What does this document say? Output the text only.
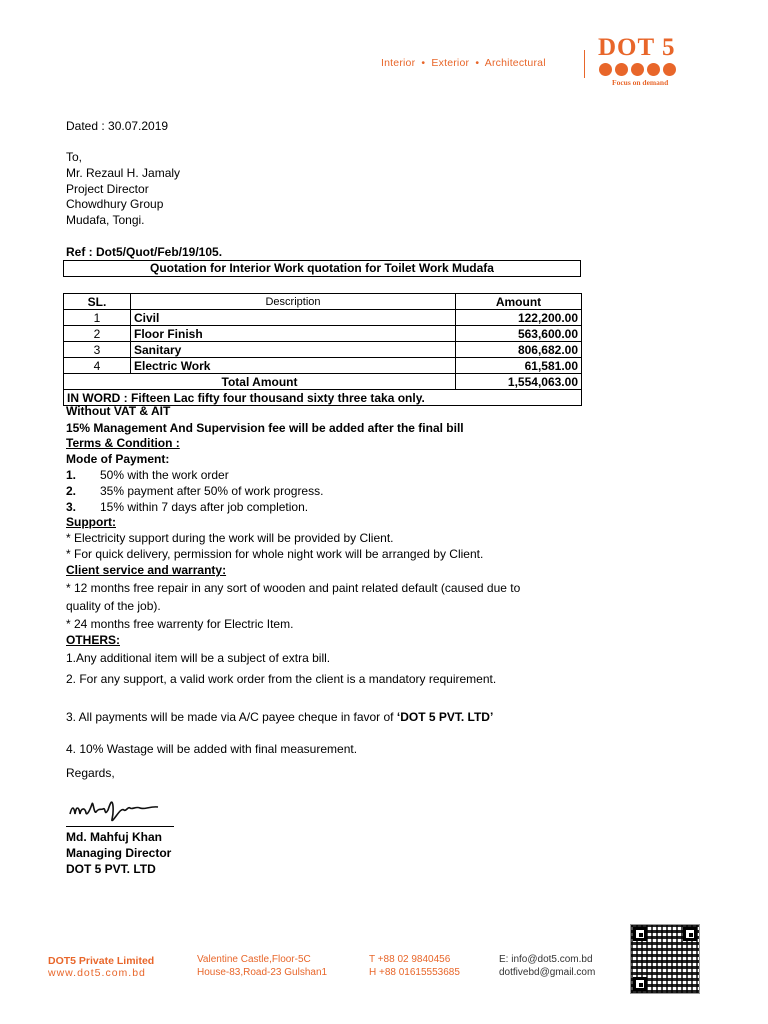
Interior • Exterior • Architectural
DOT 5
Focus on demand
Dated : 30.07.2019
To,
Mr. Rezaul H. Jamaly
Project Director
Chowdhury Group
Mudafa, Tongi.
Ref : Dot5/Quot/Feb/19/105.
Quotation for Interior Work quotation for Toilet Work Mudafa
SL.	Description	Amount
1	Civil	122,200.00
2	Floor Finish	563,600.00
3	Sanitary	806,682.00
4	Electric Work	61,581.00
Total Amount		1,554,063.00
IN WORD : Fifteen Lac fifty four thousand sixty three taka only.		
Without VAT & AIT
15% Management And Supervision fee will be added after the final bill
Terms & Condition :
Mode of Payment:
1. 50% with the work order
2. 35% payment after 50% of work progress.
3. 15% within 7 days after job completion.
Support:
* Electricity support during the work will be provided by Client.
* For quick delivery, permission for whole night work will be arranged by Client.
Client service and warranty:
* 12 months free repair in any sort of wooden and paint related default (caused due to
quality of the job).
* 24 months free warrenty for Electric Item.
OTHERS:
1.Any additional item will be a subject of extra bill.
2. For any support, a valid work order from the client is a mandatory requirement.
3. All payments will be made via A/C payee cheque in favor of ‘DOT 5 PVT. LTD’
4. 10% Wastage will be added with final measurement.
Regards,
Md. Mahfuj Khan
Managing Director
DOT 5 PVT. LTD
DOT5 Private Limited
www.dot5.com.bd
Valentine Castle,Floor-5C
House-83,Road-23 Gulshan1
T +88 02 9840456
H +88 01615553685
E: info@dot5.com.bd
dotfivebd@gmail.com
